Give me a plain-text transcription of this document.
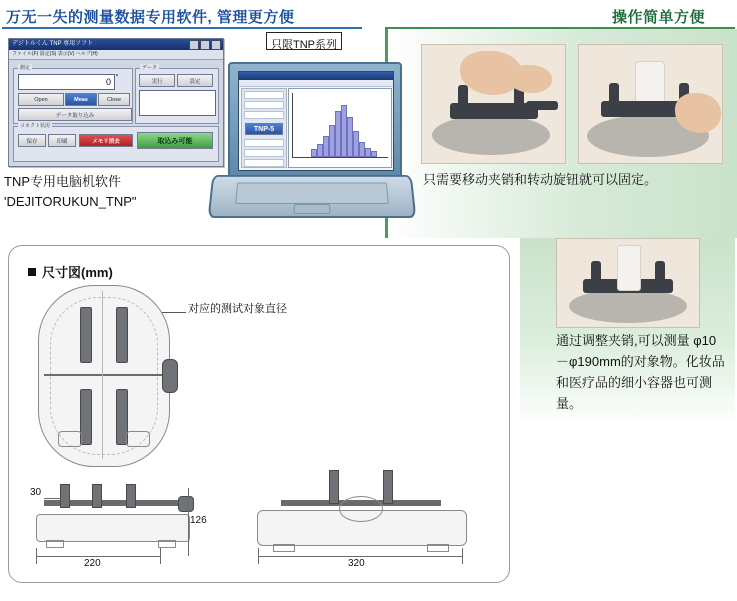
万无一失的测量数据专用软件, 管理更方便	操作简单方便
只需要移动夹销和转动旋钮就可以固定。
通过调整夹销,可以测量 φ10－φ190mm的对象物。化妆品和医疗品的细小容器也可测量。
デジトルくん TNP 専用ソフト
ファイル(F) 設定(S) 表示(V) ヘルプ(H)
測定
0
Open	Meas	Close
データ
実行	設定
データ取り込み
コネクト状況
保存	印刷	メモリ消去	取込み可能
只限TNP系列
TNP-5
TNP专用电脑机软件
'DEJITORUKUN_TNP"
尺寸図(mm)
对应的测试对象直径
220
126
30
320
